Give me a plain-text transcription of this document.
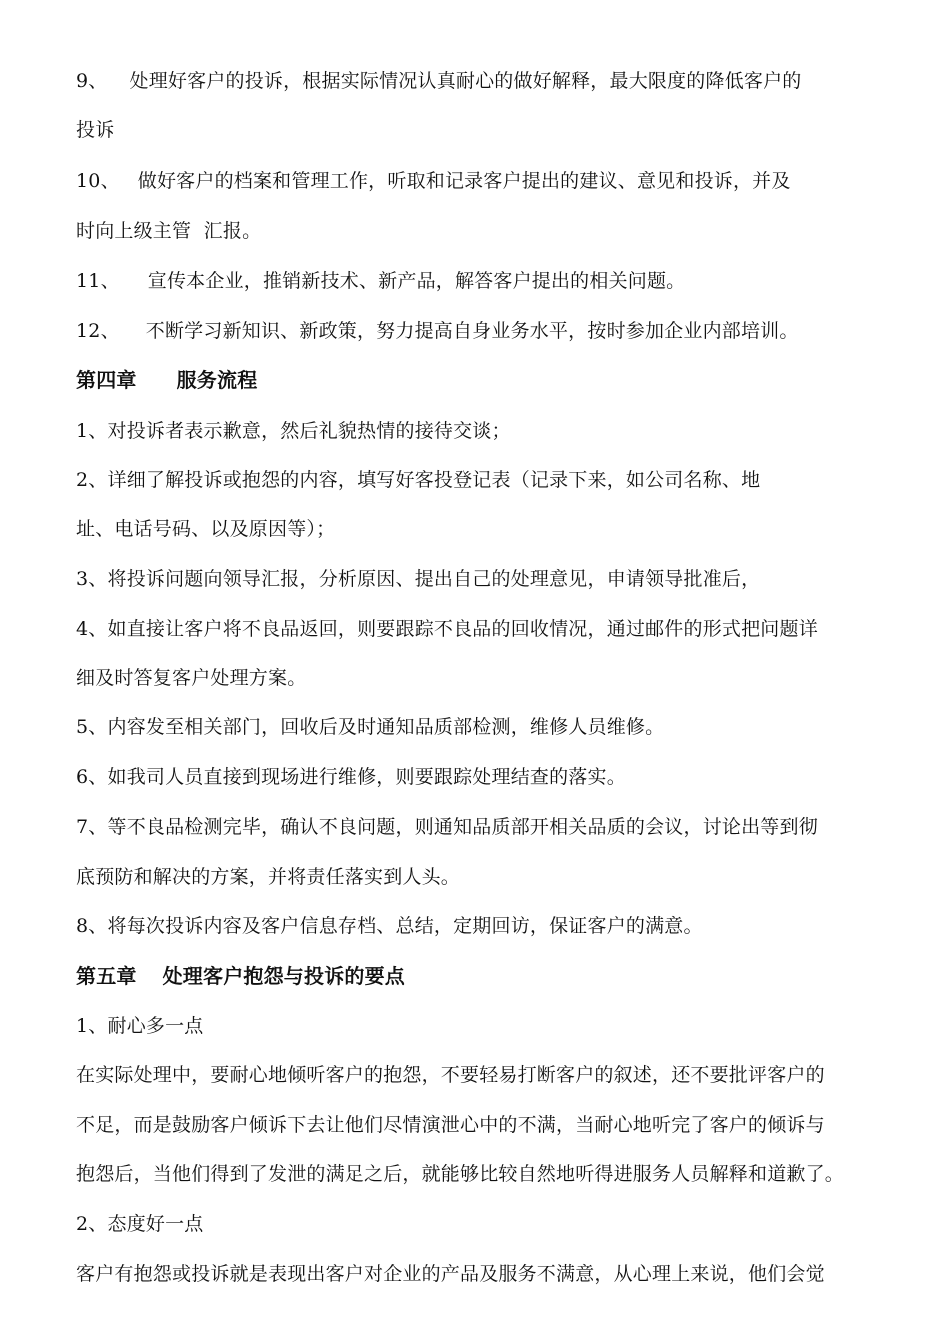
9、 处理好客户的投诉，根据实际情况认真耐心的做好解释，最大限度的降低客户的
投诉
10、 做好客户的档案和管理工作，听取和记录客户提出的建议、意见和投诉，并及
时向上级主管  汇报。
11、 宣传本企业，推销新技术、新产品，解答客户提出的相关问题。
12、 不断学习新知识、新政策，努力提高自身业务水平，按时参加企业内部培训。
第四章 服务流程
1、对投诉者表示歉意，然后礼貌热情的接待交谈；
2、详细了解投诉或抱怨的内容，填写好客投登记表（记录下来，如公司名称、地
址、电话号码、以及原因等）；
3、将投诉问题向领导汇报，分析原因、提出自己的处理意见，申请领导批准后，
4、如直接让客户将不良品返回，则要跟踪不良品的回收情况，通过邮件的形式把问题详
细及时答复客户处理方案。
5、内容发至相关部门，回收后及时通知品质部检测，维修人员维修。
6、如我司人员直接到现场进行维修，则要跟踪处理结查的落实。
7、等不良品检测完毕，确认不良问题，则通知品质部开相关品质的会议，讨论出等到彻
底预防和解决的方案，并将责任落实到人头。
8、将每次投诉内容及客户信息存档、总结，定期回访，保证客户的满意。
第五章 处理客户抱怨与投诉的要点
1、耐心多一点
在实际处理中，要耐心地倾听客户的抱怨，不要轻易打断客户的叙述，还不要批评客户的
不足，而是鼓励客户倾诉下去让他们尽情演泄心中的不满，当耐心地听完了客户的倾诉与
抱怨后，当他们得到了发泄的满足之后，就能够比较自然地听得进服务人员解释和道歉了。
2、态度好一点
客户有抱怨或投诉就是表现出客户对企业的产品及服务不满意，从心理上来说，他们会觉
